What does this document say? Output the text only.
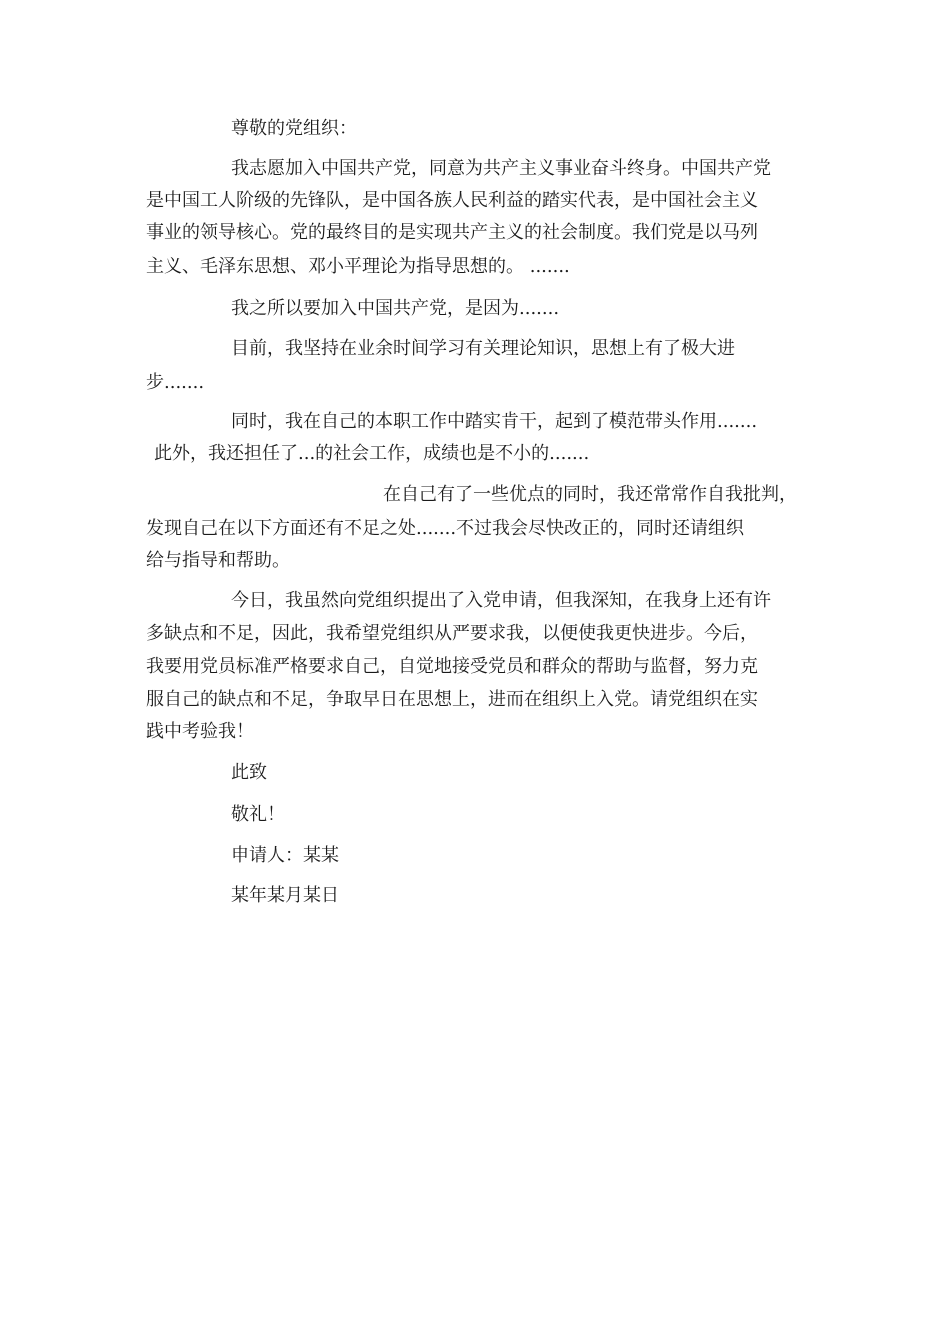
尊敬的党组织：
我志愿加入中国共产党，同意为共产主义事业奋斗终身。中国共产党
是中国工人阶级的先锋队，是中国各族人民利益的踏实代表，是中国社会主义
事业的领导核心。党的最终目的是实现共产主义的社会制度。我们党是以马列
主义、毛泽东思想、邓小平理论为指导思想的。 .......
我之所以要加入中国共产党，是因为.......
目前，我坚持在业余时间学习有关理论知识，思想上有了极大进
步.......
同时，我在自己的本职工作中踏实肯干，起到了模范带头作用.......
此外，我还担任了...的社会工作，成绩也是不小的.......
在自己有了一些优点的同时，我还常常作自我批判，
发现自己在以下方面还有不足之处.......不过我会尽快改正的，同时还请组织
给与指导和帮助。
今日，我虽然向党组织提出了入党申请，但我深知，在我身上还有许
多缺点和不足，因此，我希望党组织从严要求我，以便使我更快进步。今后，
我要用党员标准严格要求自己，自觉地接受党员和群众的帮助与监督，努力克
服自己的缺点和不足，争取早日在思想上，进而在组织上入党。请党组织在实
践中考验我！
此致
敬礼！
申请人：某某
某年某月某日
